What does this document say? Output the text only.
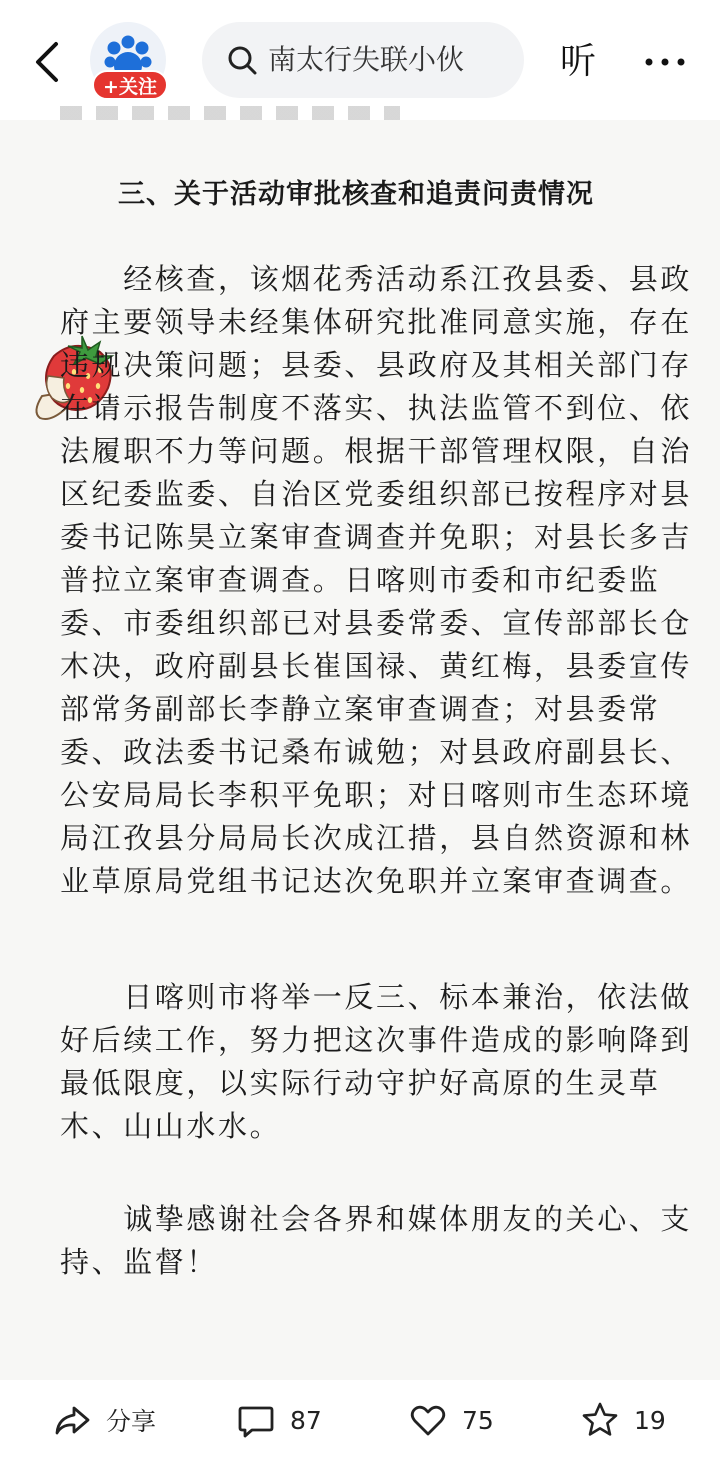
+关注
南太行失联小伙	听
三、关于活动审批核查和追责问责情况
　　经核查，该烟花秀活动系江孜县委、县政
府主要领导未经集体研究批准同意实施，存在
违规决策问题；县委、县政府及其相关部门存
在请示报告制度不落实、执法监管不到位、依
法履职不力等问题。根据干部管理权限，自治
区纪委监委、自治区党委组织部已按程序对县
委书记陈昊立案审查调查并免职；对县长多吉
普拉立案审查调查。日喀则市委和市纪委监
委、市委组织部已对县委常委、宣传部部长仓
木决，政府副县长崔国禄、黄红梅，县委宣传
部常务副部长李静立案审查调查；对县委常
委、政法委书记桑布诚勉；对县政府副县长、
公安局局长李积平免职；对日喀则市生态环境
局江孜县分局局长次成江措，县自然资源和林
业草原局党组书记达次免职并立案审查调查。
　　日喀则市将举一反三、标本兼治，依法做
好后续工作，努力把这次事件造成的影响降到
最低限度，以实际行动守护好高原的生灵草
木、山山水水。
　　诚挚感谢社会各界和媒体朋友的关心、支
持、监督！
分享	87	75	19
